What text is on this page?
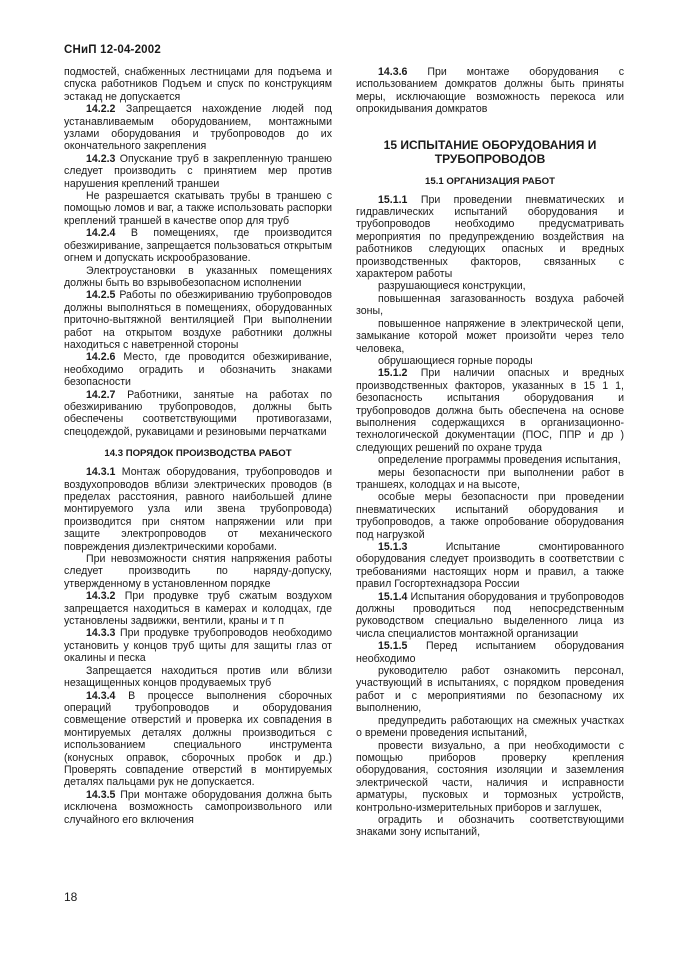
СНиП 12-04-2002

подмостей, снабженных лестницами для подъема и спуска работников Подъем и спуск по конструкциям эстакад не допускается

14.2.2 Запрещается нахождение людей под устанавливаемым оборудованием, монтажными узлами оборудования и трубопроводов до их окончательного закрепления

14.2.3 Опускание труб в закрепленную траншею следует производить с принятием мер против нарушения креплений траншеи

Не разрешается скатывать трубы в траншею с помощью ломов и ваг, а также использовать распорки креплений траншей в качестве опор для труб

14.2.4 В помещениях, где производится обезжиривание, запрещается пользоваться открытым огнем и допускать искрообразование.

Электроустановки в указанных помещениях должны быть во взрывобезопасном исполнении

14.2.5 Работы по обезжириванию трубопроводов должны выполняться в помещениях, оборудованных приточно-вытяжной вентиляцией При выполнении работ на открытом воздухе работники должны находиться с наветренной стороны

14.2.6 Место, где проводится обезжиривание, необходимо оградить и обозначить знаками безопасности

14.2.7 Работники, занятые на работах по обезжириванию трубопроводов, должны быть обеспечены соответствующими противогазами, спецодеждой, рукавицами и резиновыми перчатками

14.3 ПОРЯДОК ПРОИЗВОДСТВА РАБОТ

14.3.1 Монтаж оборудования, трубопроводов и воздухопроводов вблизи электрических проводов (в пределах расстояния, равного наибольшей длине монтируемого узла или звена трубопровода) производится при снятом напряжении или при защите электропроводов от механического повреждения диэлектрическими коробами.

При невозможности снятия напряжения работы следует производить по наряду-допуску, утвержденному в установленном порядке

14.3.2 При продувке труб сжатым воздухом запрещается находиться в камерах и колодцах, где установлены задвижки, вентили, краны и т п

14.3.3 При продувке трубопроводов необходимо установить у концов труб щиты для защиты глаз от окалины и песка

Запрещается находиться против или вблизи незащищенных концов продуваемых труб

14.3.4 В процессе выполнения сборочных операций трубопроводов и оборудования совмещение отверстий и проверка их совпадения в монтируемых деталях должны производиться с использованием специального инструмента (конусных оправок, сборочных пробок и др.) Проверять совпадение отверстий в монтируемых деталях пальцами рук не допускается.

14.3.5 При монтаже оборудования должна быть исключена возможность самопроизвольного или случайного его включения

14.3.6 При монтаже оборудования с использованием домкратов должны быть приняты меры, исключающие возможность перекоса или опрокидывания домкратов

15 ИСПЫТАНИЕ ОБОРУДОВАНИЯ И ТРУБОПРОВОДОВ
15.1 ОРГАНИЗАЦИЯ РАБОТ

15.1.1 При проведении пневматических и гидравлических испытаний оборудования и трубопроводов необходимо предусматривать мероприятия по предупреждению воздействия на работников следующих опасных и вредных производственных факторов, связанных с характером работы

разрушающиеся конструкции,

повышенная загазованность воздуха рабочей зоны,

повышенное напряжение в электрической цепи, замыкание которой может произойти через тело человека,

обрушающиеся горные породы

15.1.2 При наличии опасных и вредных производственных факторов, указанных в 15 1 1, безопасность испытания оборудования и трубопроводов должна быть обеспечена на основе выполнения содержащихся в организационно-технологической документации (ПОС, ППР и др ) следующих решений по охране труда

определение программы проведения испытания,

меры безопасности при выполнении работ в траншеях, колодцах и на высоте,

особые меры безопасности при проведении пневматических испытаний оборудования и трубопроводов, а также опробование оборудования под нагрузкой

15.1.3 Испытание смонтированного оборудования следует производить в соответствии с требованиями настоящих норм и правил, а также правил Госгортехнадзора России

15.1.4 Испытания оборудования и трубопроводов должны проводиться под непосредственным руководством специально выделенного лица из числа специалистов монтажной организации

15.1.5 Перед испытанием оборудования необходимо

руководителю работ ознакомить персонал, участвующий в испытаниях, с порядком проведения работ и с мероприятиями по безопасному их выполнению,

предупредить работающих на смежных участках о времени проведения испытаний,

провести визуально, а при необходимости с помощью приборов проверку крепления оборудования, состояния изоляции и заземления электрической части, наличия и исправности арматуры, пусковых и тормозных устройств, контрольно-измерительных приборов и заглушек,

оградить и обозначить соответствующими знаками зону испытаний,

18
